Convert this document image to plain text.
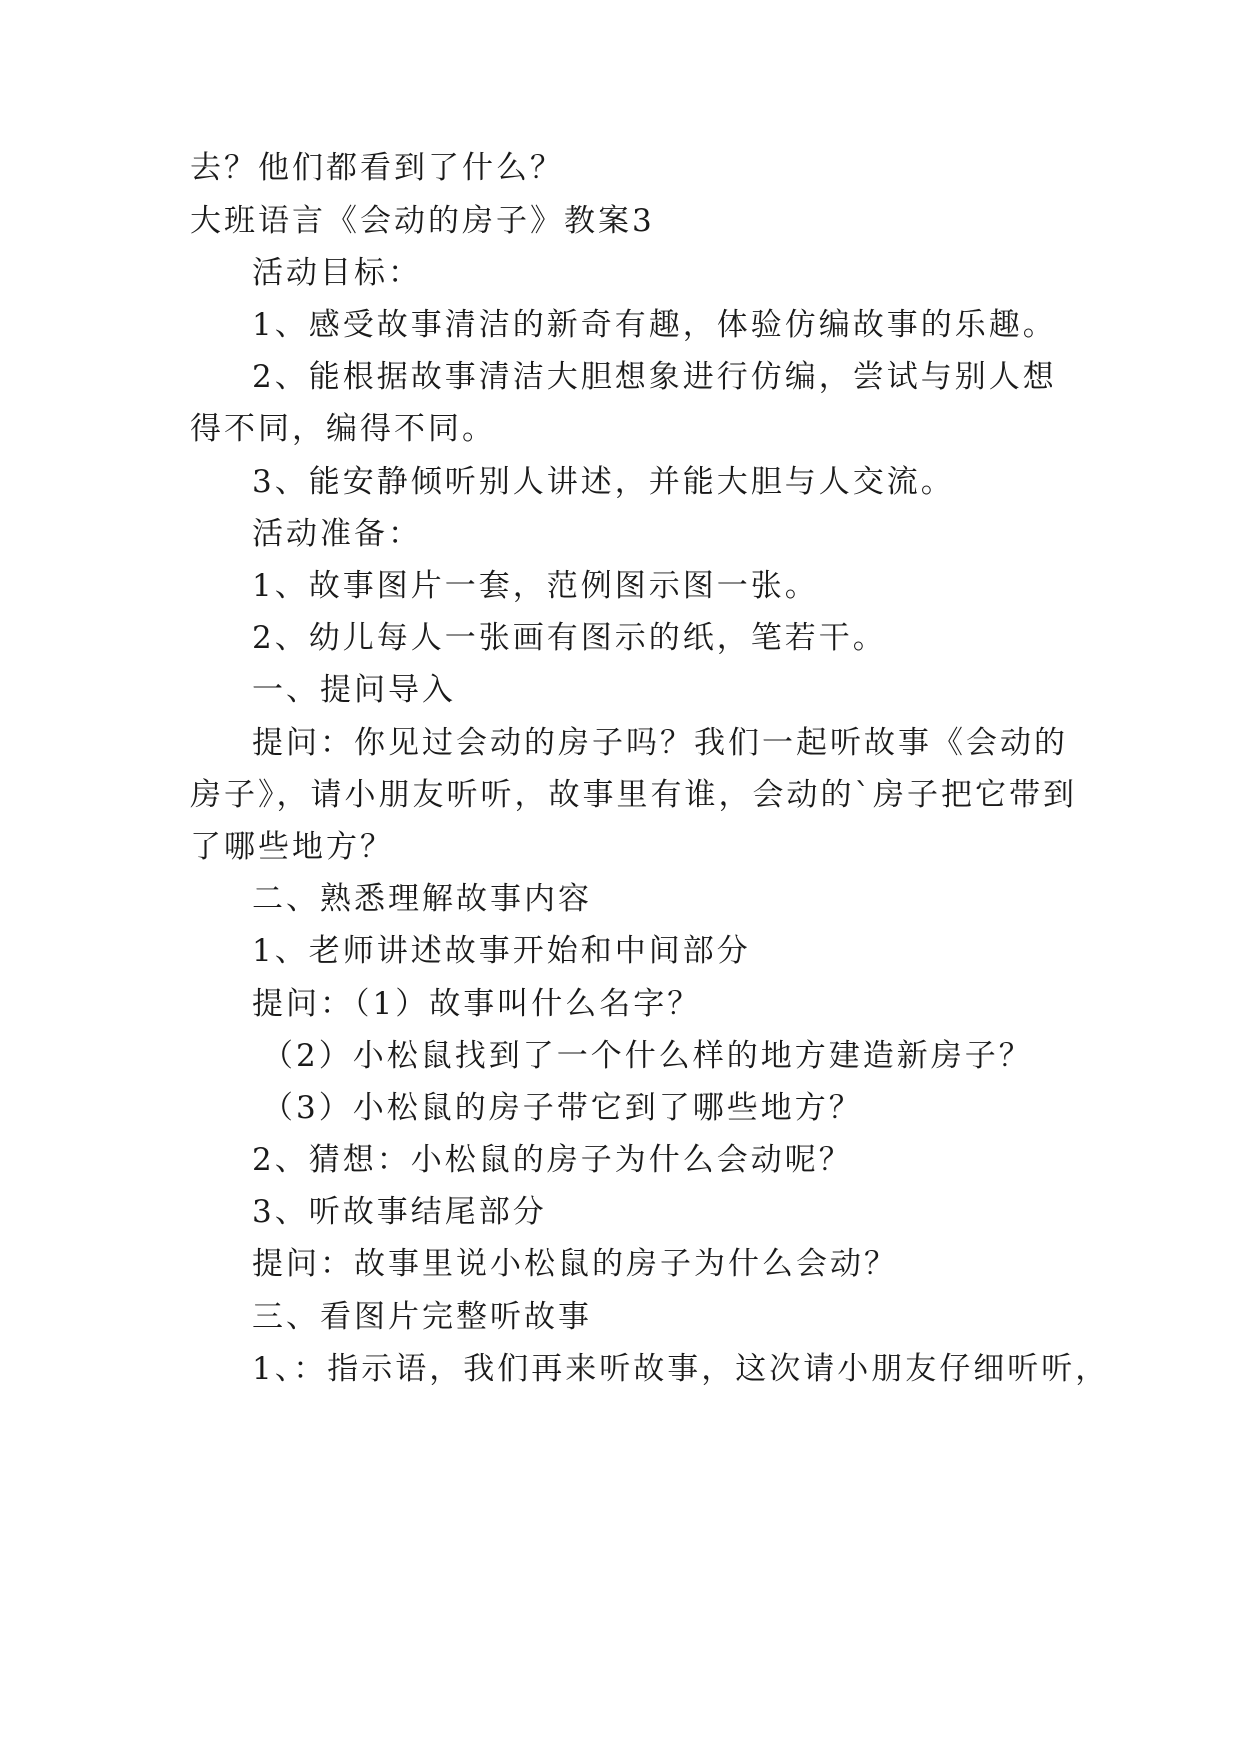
去？他们都看到了什么？
大班语言《会动的房子》教案3
活动目标：
1、感受故事清洁的新奇有趣，体验仿编故事的乐趣。
2、能根据故事清洁大胆想象进行仿编，尝试与别人想
得不同，编得不同。
3、能安静倾听别人讲述，并能大胆与人交流。
活动准备：
1、故事图片一套，范例图示图一张。
2、幼儿每人一张画有图示的纸，笔若干。
一、提问导入
提问：你见过会动的房子吗？我们一起听故事《会动的
房子》，请小朋友听听，故事里有谁，会动的`房子把它带到
了哪些地方？
二、熟悉理解故事内容
1、老师讲述故事开始和中间部分
提问：（1）故事叫什么名字？
（2）小松鼠找到了一个什么样的地方建造新房子？
（3）小松鼠的房子带它到了哪些地方？
2、猜想：小松鼠的房子为什么会动呢？
3、听故事结尾部分
提问：故事里说小松鼠的房子为什么会动？
三、看图片完整听故事
1、：指示语，我们再来听故事，这次请小朋友仔细听听，
